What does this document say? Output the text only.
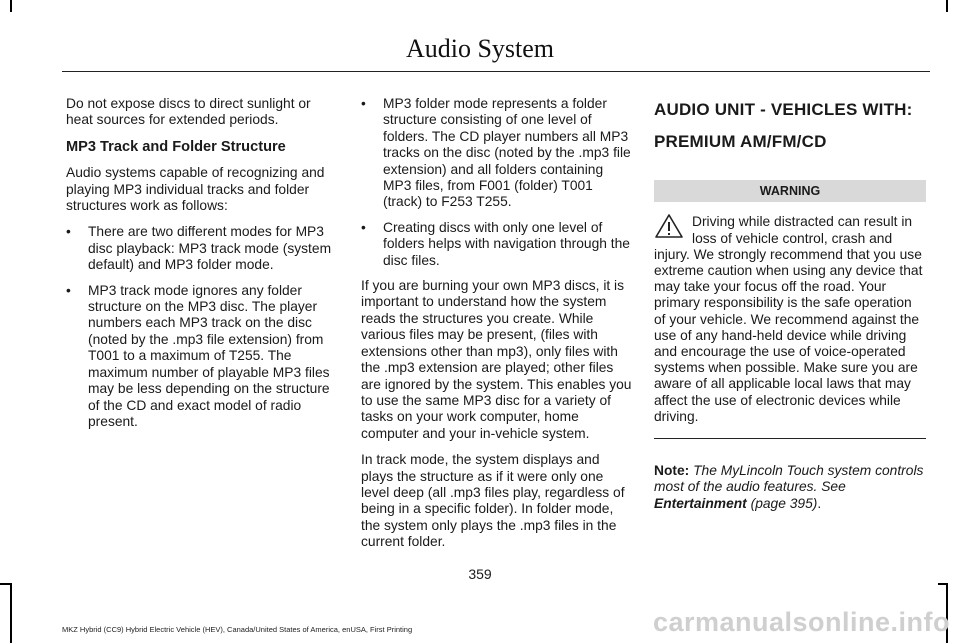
Audio System

Do not expose discs to direct sunlight or heat sources for extended periods.

MP3 Track and Folder Structure

Audio systems capable of recognizing and playing MP3 individual tracks and folder structures work as follows:

• There are two different modes for MP3 disc playback: MP3 track mode (system default) and MP3 folder mode.
• MP3 track mode ignores any folder structure on the MP3 disc. The player numbers each MP3 track on the disc (noted by the .mp3 file extension) from T001 to a maximum of T255. The maximum number of playable MP3 files may be less depending on the structure of the CD and exact model of radio present.
• MP3 folder mode represents a folder structure consisting of one level of folders. The CD player numbers all MP3 tracks on the disc (noted by the .mp3 file extension) and all folders containing MP3 files, from F001 (folder) T001 (track) to F253 T255.
• Creating discs with only one level of folders helps with navigation through the disc files.

If you are burning your own MP3 discs, it is important to understand how the system reads the structures you create. While various files may be present, (files with extensions other than mp3), only files with the .mp3 extension are played; other files are ignored by the system. This enables you to use the same MP3 disc for a variety of tasks on your work computer, home computer and your in-vehicle system.

In track mode, the system displays and plays the structure as if it were only one level deep (all .mp3 files play, regardless of being in a specific folder). In folder mode, the system only plays the .mp3 files in the current folder.

AUDIO UNIT - VEHICLES WITH:
PREMIUM AM/FM/CD
WARNING
Driving while distracted can result in loss of vehicle control, crash and injury. We strongly recommend that you use extreme caution when using any device that may take your focus off the road. Your primary responsibility is the safe operation of your vehicle. We recommend against the use of any hand-held device while driving and encourage the use of voice-operated systems when possible. Make sure you are aware of all applicable local laws that may affect the use of electronic devices while driving.
Note: The MyLincoln Touch system controls most of the audio features. See Entertainment (page 395).
359
MKZ Hybrid (CC9) Hybrid Electric Vehicle (HEV), Canada/United States of America, enUSA, First Printing	carmanualsonline.info
